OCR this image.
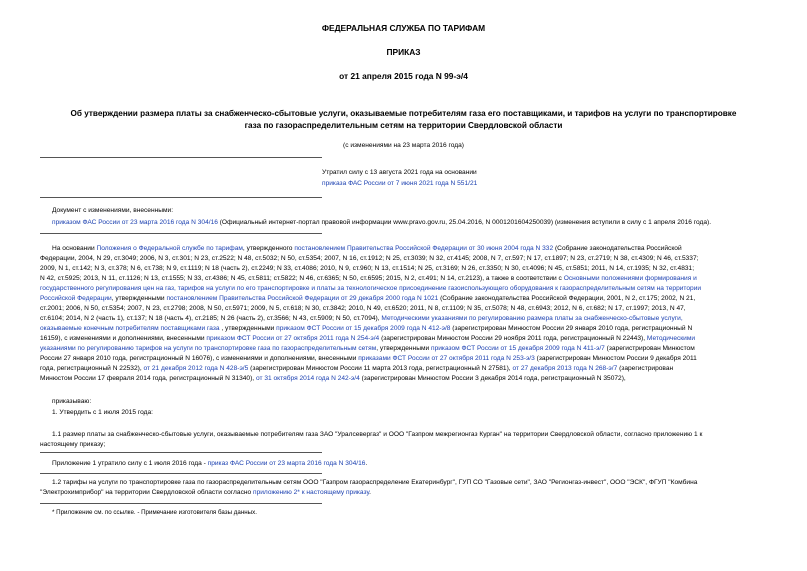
ФЕДЕРАЛЬНАЯ СЛУЖБА ПО ТАРИФАМ
ПРИКАЗ
от 21 апреля 2015 года N 99-э/4
Об утверждении размера платы за снабженческо-сбытовые услуги, оказываемые потребителям газа его поставщиками, и тарифов на услуги по транспортировке
газа по газораспределительным сетям на территории Свердловской области
(с изменениями на 23 марта 2016 года)
Утратил силу с 13 августа 2021 года на основании
приказа ФАС России от 7 июня 2021 года N 551/21
Документ с изменениями, внесенными:
приказом ФАС России от 23 марта 2016 года N 304/16 (Официальный интернет-портал правовой информации www.pravo.gov.ru, 25.04.2016, N 0001201604250039) (изменения вступили в силу с 1 апреля 2016 года).
На основании Положения о Федеральной службе по тарифам, утвержденного постановлением Правительства Российской Федерации от 30 июня 2004 года N 332 (Собрание законодательства Российской
Федерации, 2004, N 29, ст.3049; 2006, N 3, ст.301; N 23, ст.2522; N 48, ст.5032; N 50, ст.5354; 2007, N 16, ст.1912; N 25, ст.3039; N 32, ст.4145; 2008, N 7, ст.597; N 17, ст.1897; N 23, ст.2719; N 38, ст.4309; N 46, ст.5337;
2009, N 1, ст.142; N 3, ст.378; N 6, ст.738; N 9, ст.1119; N 18 (часть 2), ст.2249; N 33, ст.4086; 2010, N 9, ст.960; N 13, ст.1514; N 25, ст.3169; N 26, ст.3350; N 30, ст.4096; N 45, ст.5851; 2011, N 14, ст.1935; N 32, ст.4831;
N 42, ст.5925; 2013, N 11, ст.1126; N 13, ст.1555; N 33, ст.4386; N 45, ст.5811; ст.5822; N 46, ст.6365; N 50, ст.6595; 2015, N 2, ст.491; N 14, ст.2123), а также в соответствии с Основными положениями формирования и
государственного регулирования цен на газ, тарифов на услуги по его транспортировке и платы за технологическое присоединение газоиспользующего оборудования к газораспределительным сетям на территории
Российской Федерации, утвержденными постановлением Правительства Российской Федерации от 29 декабря 2000 года N 1021 (Собрание законодательства Российской Федерации, 2001, N 2, ст.175; 2002, N 21,
ст.2001; 2006, N 50, ст.5354; 2007, N 23, ст.2798; 2008, N 50, ст.5971; 2009, N 5, ст.618; N 30, ст.3842; 2010, N 49, ст.6520; 2011, N 8, ст.1109; N 35, ст.5078; N 48, ст.6943; 2012, N 6, ст.682; N 17, ст.1997; 2013, N 47,
ст.6104; 2014, N 2 (часть 1), ст.137; N 18 (часть 4), ст.2185; N 26 (часть 2), ст.3566; N 43, ст.5909; N 50, ст.7094), Методическими указаниями по регулированию размера платы за снабженческо-сбытовые услуги,
оказываемые конечным потребителям поставщиками газа , утвержденными приказом ФСТ России от 15 декабря 2009 года N 412-э/8 (зарегистрирован Минюстом России 29 января 2010 года, регистрационный N
16159), с изменениями и дополнениями, внесенными приказом ФСТ России от 27 октября 2011 года N 254-э/4 (зарегистрирован Минюстом России 29 ноября 2011 года, регистрационный N 22443), Методическими
указаниями по регулированию тарифов на услуги по транспортировке газа по газораспределительным сетям, утвержденными приказом ФСТ России от 15 декабря 2009 года N 411-э/7 (зарегистрирован Минюстом
России 27 января 2010 года, регистрационный N 16076), с изменениями и дополнениями, внесенными приказами ФСТ России от 27 октября 2011 года N 253-э/3 (зарегистрирован Минюстом России 9 декабря 2011
года, регистрационный N 22532), от 21 декабря 2012 года N 428-э/5 (зарегистрирован Минюстом России 11 марта 2013 года, регистрационный N 27581), от 27 декабря 2013 года N 268-э/7 (зарегистрирован
Минюстом России 17 февраля 2014 года, регистрационный N 31340), от 31 октября 2014 года N 242-э/4 (зарегистрирован Минюстом России 3 декабря 2014 года, регистрационный N 35072),
приказываю:
1. Утвердить с 1 июля 2015 года:
1.1 размер платы за снабженческо-сбытовые услуги, оказываемые потребителям газа ЗАО "Уралсевергаз" и ООО "Газпром межрегионгаз Курган" на территории Свердловской области, согласно приложению 1 к
настоящему приказу;
Приложение 1 утратило силу с 1 июля 2016 года - приказ ФАС России от 23 марта 2016 года N 304/16.
1.2 тарифы на услуги по транспортировке газа по газораспределительным сетям ООО "Газпром газораспределение Екатеринбург", ГУП СО "Газовые сети", ЗАО "Регионгаз-инвест", ООО "ЭСК", ФГУП "Комбина
"Электрохимприбор" на территории Свердловской области согласно приложению 2* к настоящему приказу.
* Приложение см. по ссылке. - Примечание изготовителя базы данных.
